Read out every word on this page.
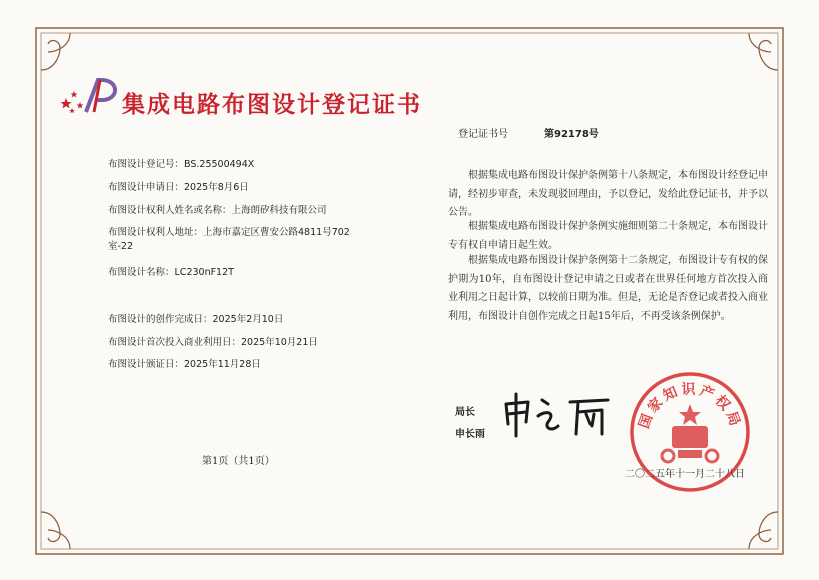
集成电路布图设计登记证书
登记证书号	第92178号
布图设计登记号：BS.25500494X
布图设计申请日：2025年8月6日
布图设计权利人姓名或名称：上海朗矽科技有限公司
布图设计权利人地址：上海市嘉定区曹安公路4811号702室-22
布图设计名称：LC230nF12T
布图设计的创作完成日：2025年2月10日
布图设计首次投入商业利用日：2025年10月21日
布图设计颁证日：2025年11月28日
根据集成电路布图设计保护条例第十八条规定，本布图设计经登记申请，经初步审查，未发现驳回理由，予以登记，发给此登记证书，并予以公告。
根据集成电路布图设计保护条例实施细则第二十条规定，本布图设计专有权自申请日起生效。
根据集成电路布图设计保护条例第十二条规定，布图设计专有权的保护期为10年，自布图设计登记申请之日或者在世界任何地方首次投入商业利用之日起计算，以较前日期为准。但是，无论是否登记或者投入商业利用，布图设计自创作完成之日起15年后，不再受该条例保护。
第1页（共1页）
局长
申长雨
国家知识产权局
二〇二五年十一月二十八日
